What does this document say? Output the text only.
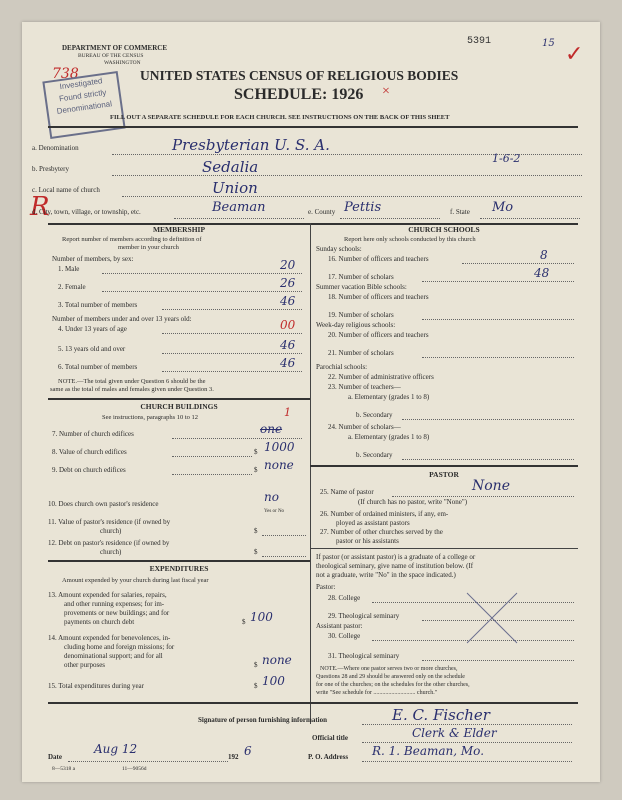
DEPARTMENT OF COMMERCE
BUREAU OF THE CENSUS
WASHINGTON
5391	15 ✓
738
Investigated
Found strictly
Denominational
UNITED STATES CENSUS OF RELIGIOUS BODIES
SCHEDULE: 1926 ×
FILL OUT A SEPARATE SCHEDULE FOR EACH CHURCH. SEE INSTRUCTIONS ON THE BACK OF THIS SHEET
a. Denomination	Presbyterian U. S. A.
b. Presbytery	Sedalia	1-6-2
c. Local name of church	Union
R
d. City, town, village, or township, etc.	Beaman	e. County Pettis	f. State Mo
MEMBERSHIP
Report number of members according to definition of
member in your church
Number of members, by sex:
1. Male	20
2. Female	26
3. Total number of members	46
Number of members under and over 13 years old:
4. Under 13 years of age	00
5. 13 years old and over	46
6. Total number of members	46
NOTE.—The total given under Question 6 should be the
same as the total of males and females given under Question 3.
CHURCH BUILDINGS
See instructions, paragraphs 10 to 12	1
7. Number of church edifices	one
8. Value of church edifices	$ 1000
9. Debt on church edifices	$ none
10. Does church own pastor's residence	no
Yes or No
11. Value of pastor's residence (if owned by
church)	$
12. Debt on pastor's residence (if owned by
church)	$
EXPENDITURES
Amount expended by your church during last fiscal year
13. Amount expended for salaries, repairs,
and other running expenses; for im-
provements or new buildings; and for
payments on church debt	$ 100
14. Amount expended for benevolences, in-
cluding home and foreign missions; for
denominational support; and for all
other purposes	$ none
15. Total expenditures during year	$ 100
CHURCH SCHOOLS
Report here only schools conducted by this church
Sunday schools:
16. Number of officers and teachers	8
17. Number of scholars	48
Summer vacation Bible schools:
18. Number of officers and teachers
19. Number of scholars
Week-day religious schools:
20. Number of officers and teachers
21. Number of scholars
Parochial schools:
22. Number of administrative officers
23. Number of teachers—
a. Elementary (grades 1 to 8)
b. Secondary
24. Number of scholars—
a. Elementary (grades 1 to 8)
b. Secondary
PASTOR
25. Name of pastor	None
(If church has no pastor, write "None")
26. Number of ordained ministers, if any, em-
ployed as assistant pastors
27. Number of other churches served by the
pastor or his assistants
If pastor (or assistant pastor) is a graduate of a college or
theological seminary, give name of institution below. (If
not a graduate, write "No" in the space indicated.)
Pastor:
28. College
29. Theological seminary
Assistant pastor:
30. College
31. Theological seminary
NOTE.—Where one pastor serves two or more churches,
Questions 28 and 29 should be answered only on the schedule
for one of the churches; on the schedules for the other churches,
write "See schedule for ............................ church."
Signature of person furnishing information	E. C. Fischer
Official title	Clerk & Elder
Date
Aug 12
192 6	P. O. Address R. 1. Beaman, Mo.
8—5318 a	11—9056d
